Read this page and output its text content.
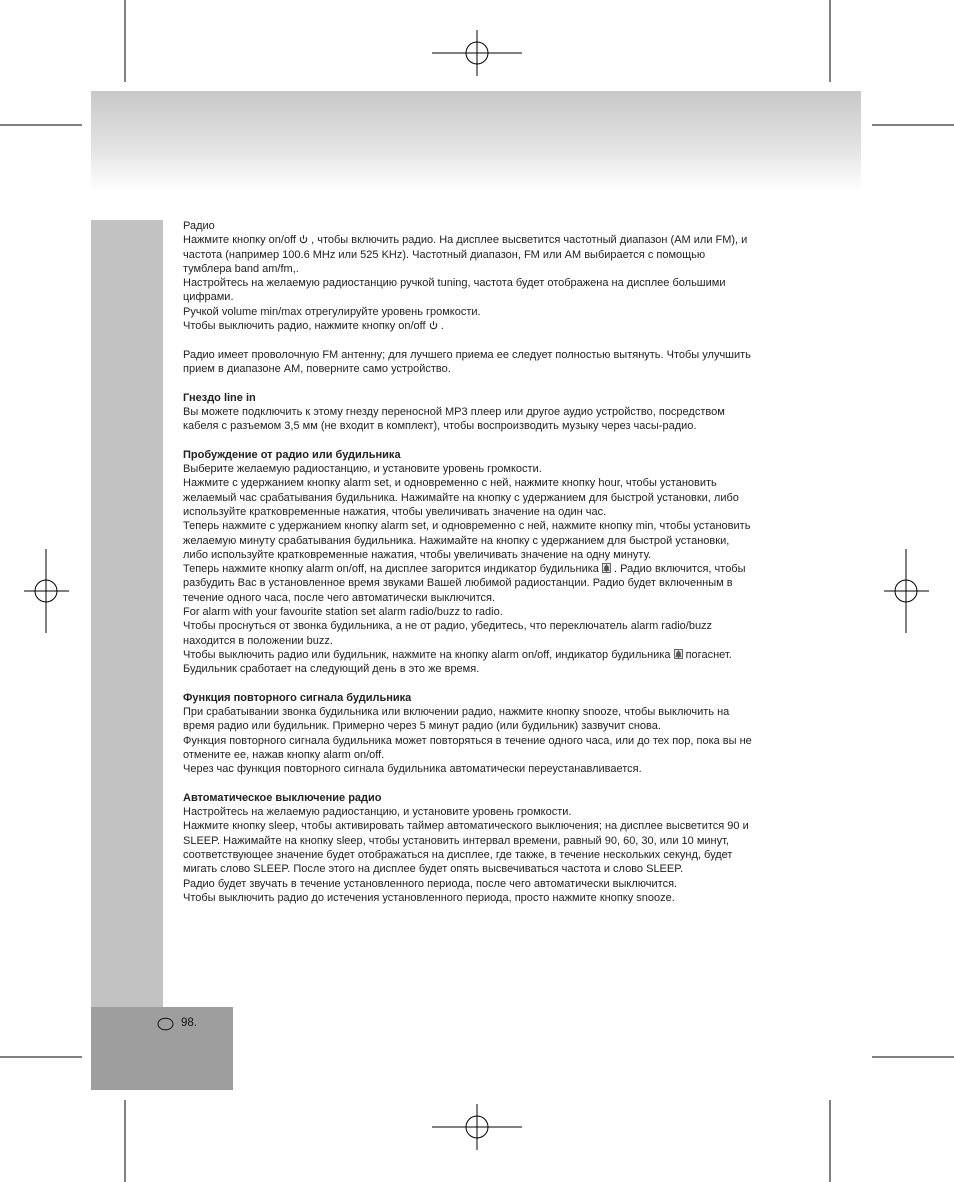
98.
Радио
Нажмите кнопку on/off  , чтобы включить радио. На дисплее высветится частотный диапазон (AM или FM), и
частота (например 100.6 MHz или 525 KHz). Частотный диапазон, FM или AM выбирается с помощью
тумблера band am/fm,.
Настройтесь на желаемую радиостанцию ручкой tuning, частота будет отображена на дисплее большими
цифрами.
Ручкой volume min/max отрегулируйте уровень громкости.
Чтобы выключить радио, нажмите кнопку on/off  .
Радио имеет проволочную FM антенну; для лучшего приема ее следует полностью вытянуть. Чтобы улучшить
прием в диапазоне AM, поверните само устройство.
Гнездо line in
Вы можете подключить к этому гнезду переносной MP3 плеер или другое аудио устройство, посредством
кабеля с разъемом 3,5 мм (не входит в комплект), чтобы воспроизводить музыку через часы-радио.
Пробуждение от радио или будильника
Выберите желаемую радиостанцию, и установите уровень громкости.
Нажмите с удержанием кнопку alarm set, и одновременно с ней, нажмите кнопку hour, чтобы установить
желаемый час срабатывания будильника. Нажимайте на кнопку с удержанием для быстрой установки, либо
используйте кратковременные нажатия, чтобы увеличивать значение на один час.
Теперь нажмите с удержанием кнопку alarm set, и одновременно с ней, нажмите кнопку min, чтобы установить
желаемую минуту срабатывания будильника. Нажимайте на кнопку с удержанием для быстрой установки,
либо используйте кратковременные нажатия, чтобы увеличивать значение на одну минуту.
Теперь нажмите кнопку alarm on/off, на дисплее загорится индикатор будильника  . Радио включится, чтобы
разбудить Вас в установленное время звуками Вашей любимой радиостанции. Радио будет включенным в
течение одного часа, после чего автоматически выключится.
For alarm with your favourite station set alarm radio/buzz to radio.
Чтобы проснуться от звонка будильника, а не от радио, убедитесь, что переключатель alarm radio/buzz
находится в положении buzz.
Чтобы выключить радио или будильник, нажмите на кнопку alarm on/off, индикатор будильника  погаснет.
Будильник сработает на следующий день в это же время.
Функция повторного сигнала будильника
При срабатывании звонка будильника или включении радио, нажмите кнопку snooze, чтобы выключить на
время радио или будильник. Примерно через 5 минут радио (или будильник) зазвучит снова.
Функция повторного сигнала будильника может повторяться в течение одного часа, или до тех пор, пока вы не
отмените ее, нажав кнопку alarm on/off.
Через час функция повторного сигнала будильника автоматически переустанавливается.
Автоматическое выключение радио
Настройтесь на желаемую радиостанцию, и установите уровень громкости.
Нажмите кнопку sleep, чтобы активировать таймер автоматического выключения; на дисплее высветится 90 и
SLEEP. Нажимайте на кнопку sleep, чтобы установить интервал времени, равный 90, 60, 30, или 10 минут,
соответствующее значение будет отображаться на дисплее, где также, в течение нескольких секунд, будет
мигать слово SLEEP. После этого на дисплее будет опять высвечиваться частота и слово SLEEP.
Радио будет звучать в течение установленного периода, после чего автоматически выключится.
Чтобы выключить радио до истечения установленного периода, просто нажмите кнопку snooze.
